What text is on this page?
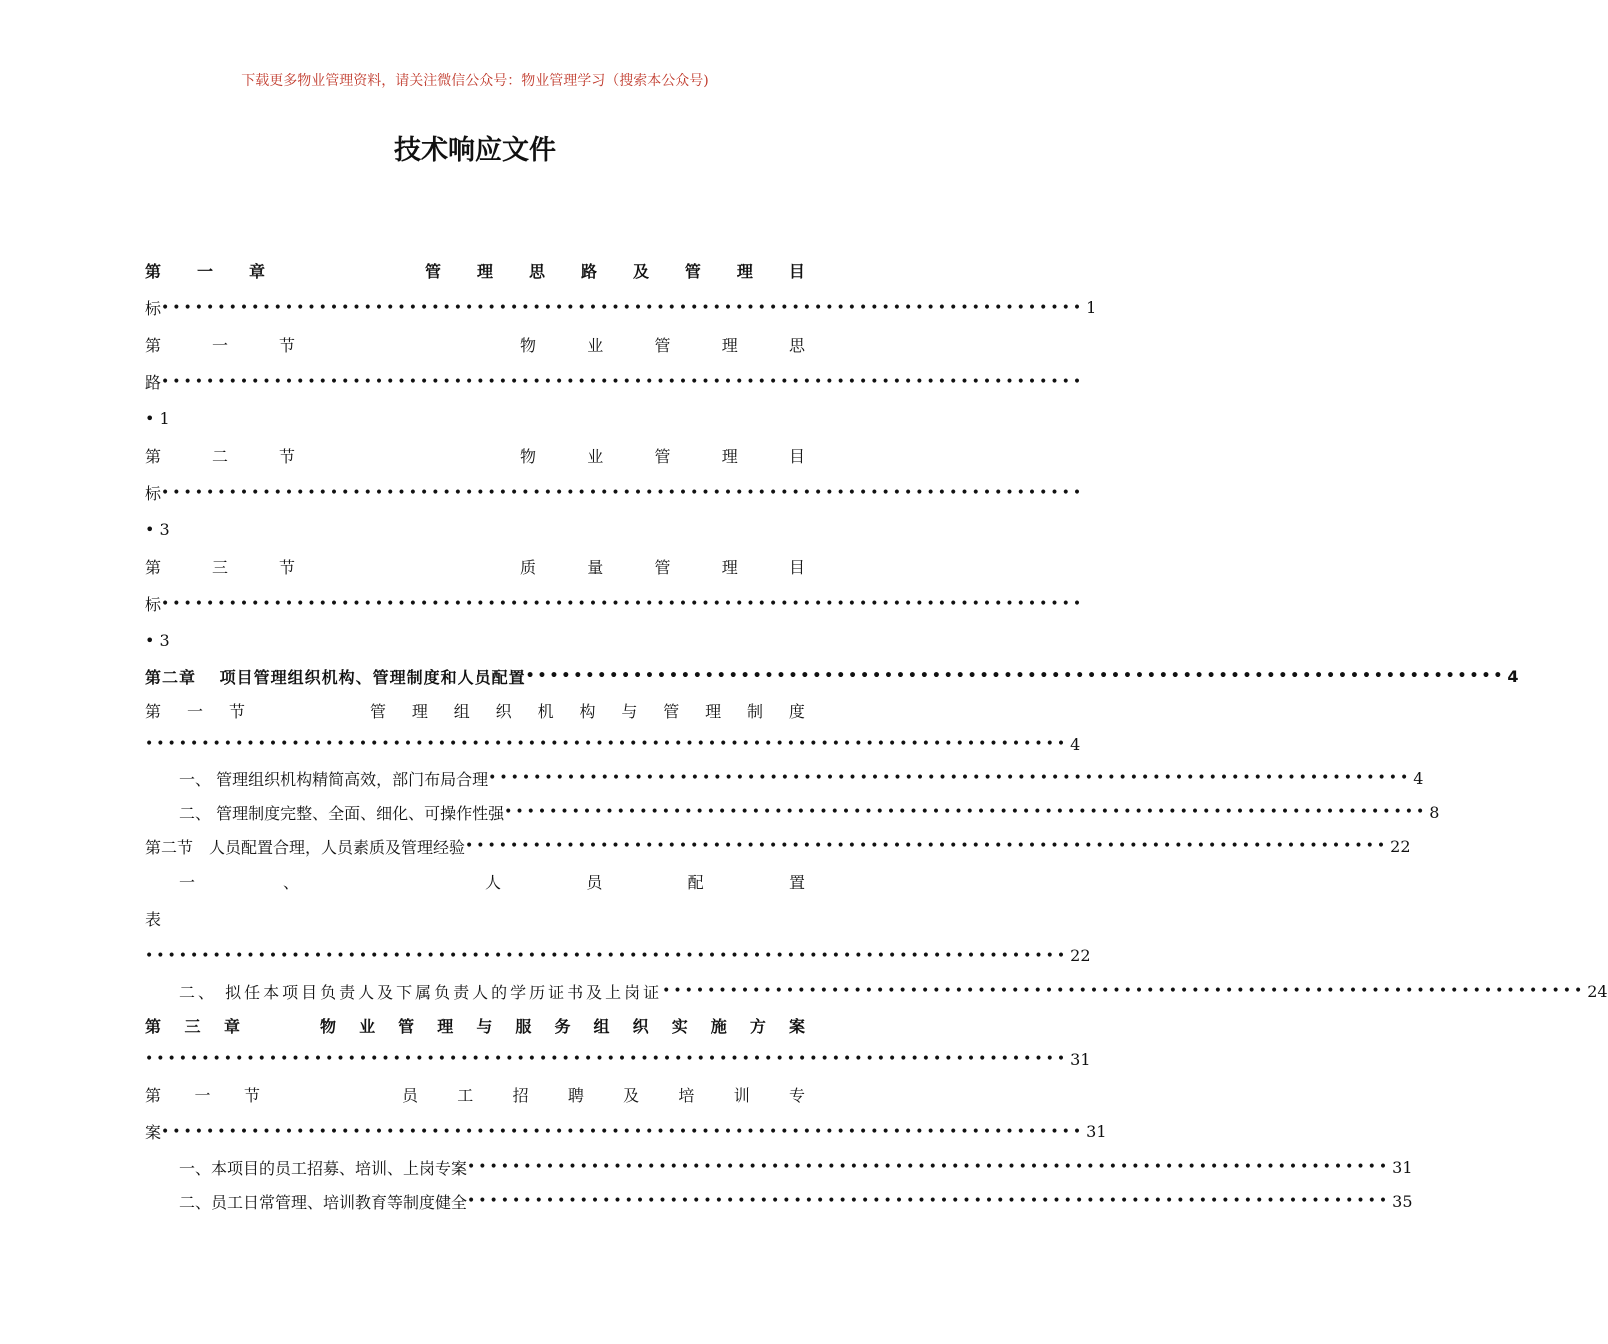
下载更多物业管理资料，请关注微信公众号：物业管理学习（搜索本公众号)
技术响应文件
第 一 章	管 理 思 路 及 管 理 目
标 •••••••••••••••••••••••••••••••••••••••••••••••••••••••••••••••••••••••••••••••••• 1
第	一	节	物	业	管	理	思
路 ••••••••••••••••••••••••••••••••••••••••••••••••••••••••••••••••••••••••••••••••••
• 1
第	二	节	物	业	管	理	目
标 ••••••••••••••••••••••••••••••••••••••••••••••••••••••••••••••••••••••••••••••••••
• 3
第	三	节	质	量	管	理	目
标 ••••••••••••••••••••••••••••••••••••••••••••••••••••••••••••••••••••••••••••••••••
• 3
第二章　 项目管理组织机构、管理制度和人员配置 •••••••••••••••••••••••••••••••••••••••••••••••••••••••••••••••••••••••••••••••••• 4
第 一 节	管 理 组 织 机 构 与 管 理 制 度
•••••••••••••••••••••••••••••••••••••••••••••••••••••••••••••••••••••••••••••••••• 4
一、 管理组织机构精简高效，部门布局合理 •••••••••••••••••••••••••••••••••••••••••••••••••••••••••••••••••••••••••••••••••• 4
二、 管理制度完整、全面、细化、可操作性强 •••••••••••••••••••••••••••••••••••••••••••••••••••••••••••••••••••••••••••••••••• 8
第二节　人员配置合理，人员素质及管理经验 •••••••••••••••••••••••••••••••••••••••••••••••••••••••••••••••••••••••••••••••••• 22
一	、	人	员	配	置
表
•••••••••••••••••••••••••••••••••••••••••••••••••••••••••••••••••••••••••••••••••• 22
二、 拟任本项目负责人及下属负责人的学历证书及上岗证 •••••••••••••••••••••••••••••••••••••••••••••••••••••••••••••••••••••••••••••••••• 24
第 三 章	物 业 管 理 与 服 务 组 织 实 施 方 案
•••••••••••••••••••••••••••••••••••••••••••••••••••••••••••••••••••••••••••••••••• 31
第 一 节	员 工 招 聘 及 培 训 专
案 •••••••••••••••••••••••••••••••••••••••••••••••••••••••••••••••••••••••••••••••••• 31
一、本项目的员工招募、培训、上岗专案 •••••••••••••••••••••••••••••••••••••••••••••••••••••••••••••••••••••••••••••••••• 31
二、员工日常管理、培训教育等制度健全 •••••••••••••••••••••••••••••••••••••••••••••••••••••••••••••••••••••••••••••••••• 35
